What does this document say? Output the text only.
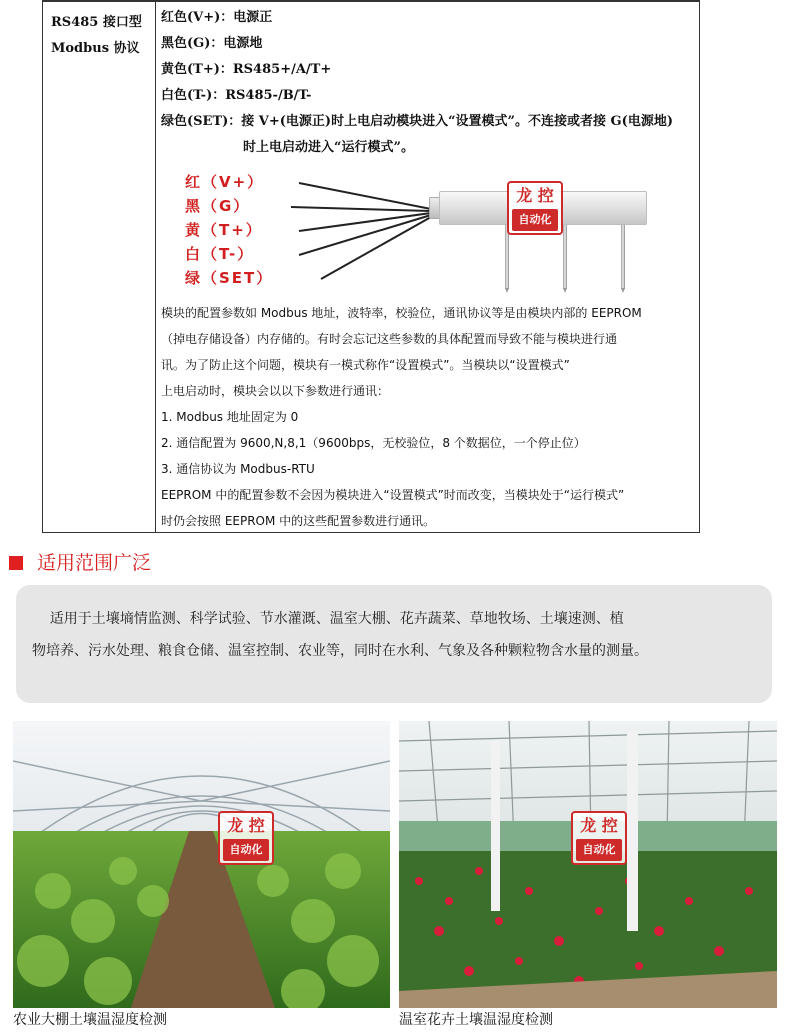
RS485 接口型
Modbus 协议
红色(V+)：电源正
黑色(G)：电源地
黄色(T+)：RS485+/A/T+
白色(T-)：RS485-/B/T-
绿色(SET)：接 V+(电源正)时上电启动模块进入“设置模式”。不连接或者接 G(电源地)
时上电启动进入“运行模式”。
红（V+）
黑（G）
黄（T+）
白（T-）
绿（SET）
龙 控
自动化
模块的配置参数如 Modbus 地址，波特率，校验位，通讯协议等是由模块内部的 EEPROM
（掉电存储设备）内存储的。有时会忘记这些参数的具体配置而导致不能与模块进行通
讯。为了防止这个问题，模块有一模式称作“设置模式”。当模块以“设置模式”
上电启动时，模块会以以下参数进行通讯：
1. Modbus 地址固定为 0
2. 通信配置为 9600,N,8,1（9600bps，无校验位，8 个数据位，一个停止位）
3. 通信协议为 Modbus-RTU
EEPROM 中的配置参数不会因为模块进入“设置模式”时而改变，当模块处于“运行模式”
时仍会按照 EEPROM 中的这些配置参数进行通讯。
适用范围广泛
适用于土壤墒情监测、科学试验、节水灌溉、温室大棚、花卉蔬菜、草地牧场、土壤速测、植
物培养、污水处理、粮食仓储、温室控制、农业等，同时在水利、气象及各种颗粒物含水量的测量。
龙 控
自动化
龙 控
自动化
农业大棚土壤温湿度检测	温室花卉土壤温湿度检测
